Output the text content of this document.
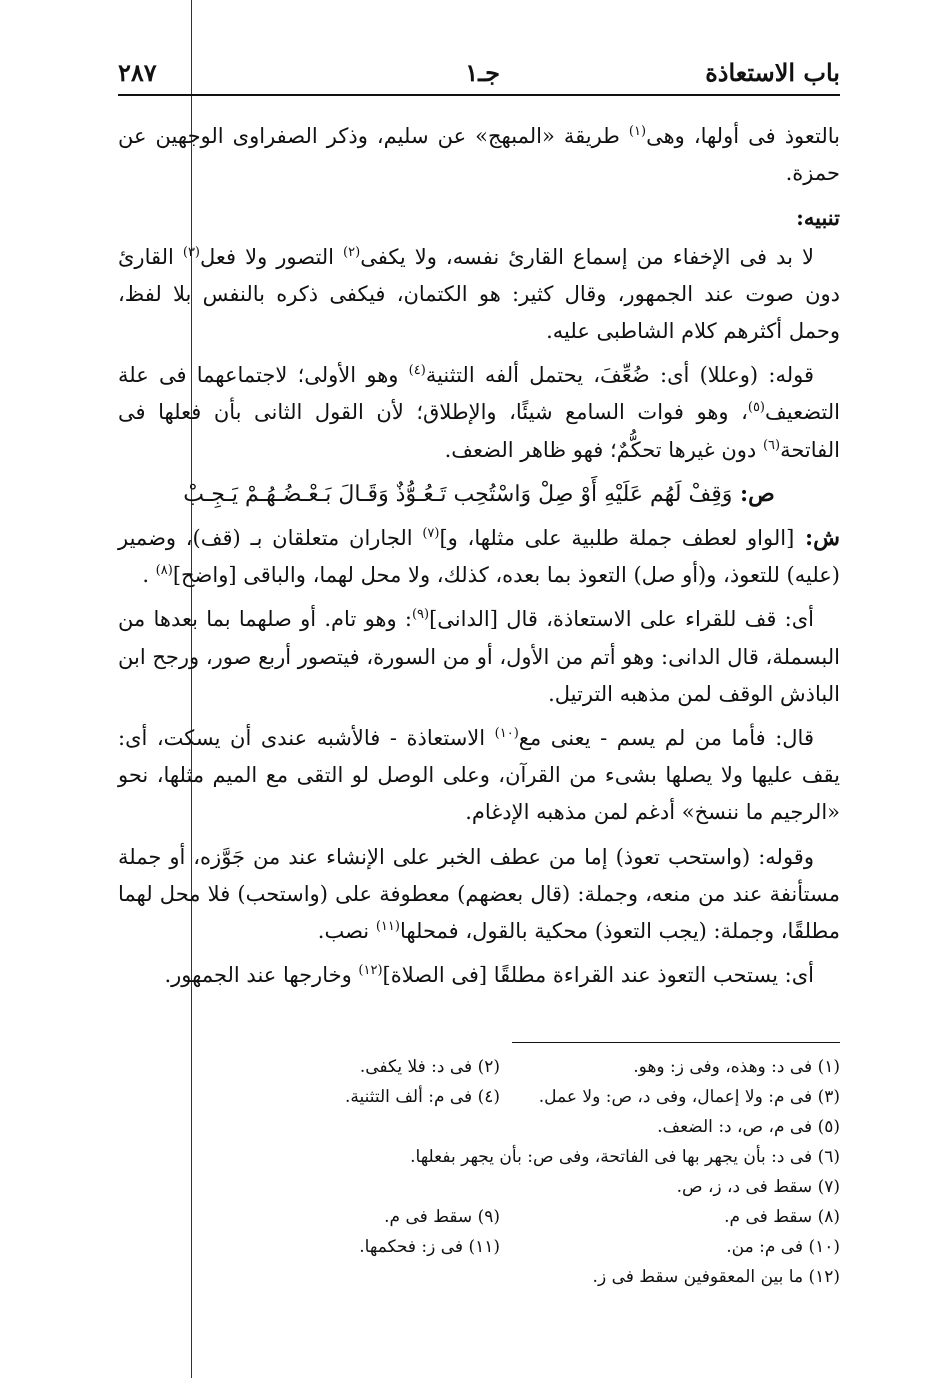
باب الاستعاذة
جـ١
٢٨٧

بالتعوذ فى أولها، وهى$^{(١)}$ طريقة «المبهج» عن سليم، وذكر الصفراوى الوجهين عن حمزة.

تنبيه:

لا بد فى الإخفاء من إسماع القارئ نفسه، ولا يكفى$^{(٢)}$ التصور ولا فعل$^{(٣)}$ القارئ دون صوت عند الجمهور، وقال كثير: هو الكتمان، فيكفى ذكره بالنفس بلا لفظ، وحمل أكثرهم كلام الشاطبى عليه.

قوله: (وعللا) أى: ضُعِّفَ، يحتمل ألفه التثنية$^{(٤)}$ وهو الأولى؛ لاجتماعهما فى علة التضعيف$^{(٥)}$، وهو فوات السامع شيئًا، والإطلاق؛ لأن القول الثانى بأن فعلها فى الفاتحة$^{(٦)}$ دون غيرها تحكُّمٌ؛ فهو ظاهر الضعف.

ص: وَقِفْ لَهُم عَلَيْهِ أَوْ صِلْ وَاسْتُحِب تَـعُـوُّذٌ وَقَـالَ بَـعْـضُـهُـمْ يَـجِـبْ

ش: [الواو لعطف جملة طلبية على مثلها، و]$^{(٧)}$ الجاران متعلقان بـ (قف)، وضمير (عليه) للتعوذ، و(أو صل) التعوذ بما بعده، كذلك، ولا محل لهما، والباقى [واضح]$^{(٨)}$ .

أى: قف للقراء على الاستعاذة، قال [الدانى]$^{(٩)}$: وهو تام. أو صلهما بما بعدها من البسملة، قال الدانى: وهو أتم من الأول، أو من السورة، فيتصور أربع صور، ورجح ابن الباذش الوقف لمن مذهبه الترتيل.

قال: فأما من لم يسم - يعنى مع$^{(١٠)}$ الاستعاذة - فالأشبه عندى أن يسكت، أى: يقف عليها ولا يصلها بشىء من القرآن، وعلى الوصل لو التقى مع الميم مثلها، نحو «الرجيم ما ننسخ» أدغم لمن مذهبه الإدغام.

وقوله: (واستحب تعوذ) إما من عطف الخبر على الإنشاء عند من جَوَّزه، أو جملة مستأنفة عند من منعه، وجملة: (قال بعضهم) معطوفة على (واستحب) فلا محل لهما مطلقًا، وجملة: (يجب التعوذ) محكية بالقول، فمحلها$^{(١١)}$ نصب.

أى: يستحب التعوذ عند القراءة مطلقًا [فى الصلاة]$^{(١٢)}$ وخارجها عند الجمهور.

(١) فى د: وهذه، وفى ز: وهو.
(٢) فى د: فلا يكفى.
(٣) فى م: ولا إعمال، وفى د، ص: ولا عمل.
(٤) فى م: ألف التثنية.
(٥) فى م، ص، د: الضعف.
(٦) فى د: بأن يجهر بها فى الفاتحة، وفى ص: بأن يجهر بفعلها.
(٧) سقط فى د، ز، ص.
(٨) سقط فى م.
(٩) سقط فى م.
(١٠) فى م: من.
(١١) فى ز: فحكمها.
(١٢) ما بين المعقوفين سقط فى ز.
